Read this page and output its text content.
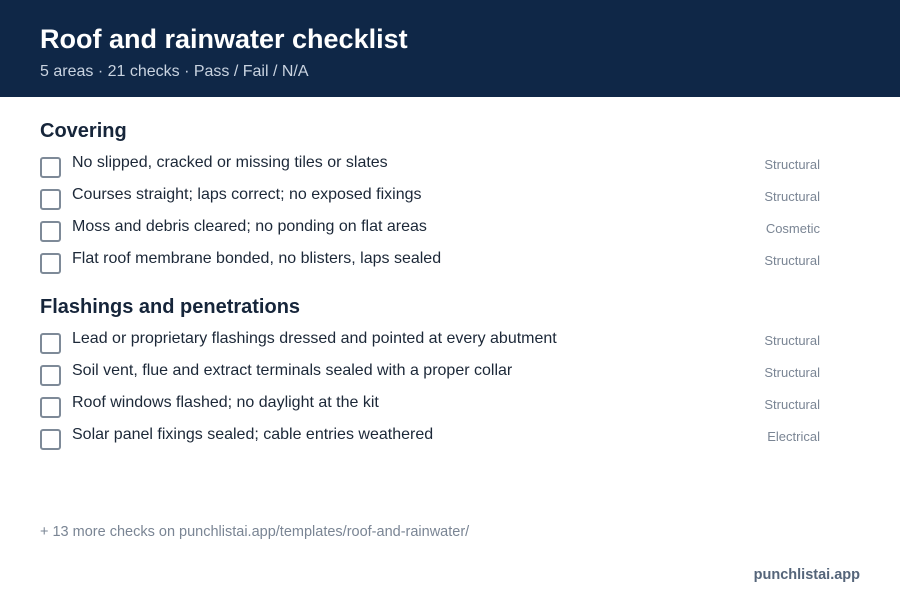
Roof and rainwater checklist
5 areas · 21 checks · Pass / Fail / N/A
Covering
No slipped, cracked or missing tiles or slates	Structural
Courses straight; laps correct; no exposed fixings	Structural
Moss and debris cleared; no ponding on flat areas	Cosmetic
Flat roof membrane bonded, no blisters, laps sealed	Structural
Flashings and penetrations
Lead or proprietary flashings dressed and pointed at every abutment	Structural
Soil vent, flue and extract terminals sealed with a proper collar	Structural
Roof windows flashed; no daylight at the kit	Structural
Solar panel fixings sealed; cable entries weathered	Electrical
+ 13 more checks on punchlistai.app/templates/roof-and-rainwater/
punchlistai.app
